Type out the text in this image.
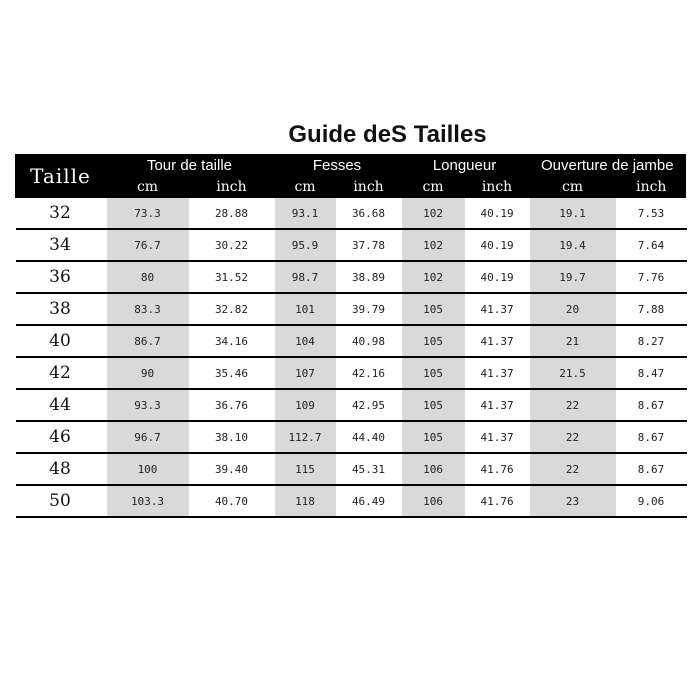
Guide deS Tailles
Taille	Tour de taille		Fesses		Longueur		Ouverture de jambe	
	cm	inch	cm	inch	cm	inch	cm	inch
32	73.3	28.88	93.1	36.68	102	40.19	19.1	7.53
34	76.7	30.22	95.9	37.78	102	40.19	19.4	7.64
36	80	31.52	98.7	38.89	102	40.19	19.7	7.76
38	83.3	32.82	101	39.79	105	41.37	20	7.88
40	86.7	34.16	104	40.98	105	41.37	21	8.27
42	90	35.46	107	42.16	105	41.37	21.5	8.47
44	93.3	36.76	109	42.95	105	41.37	22	8.67
46	96.7	38.10	112.7	44.40	105	41.37	22	8.67
48	100	39.40	115	45.31	106	41.76	22	8.67
50	103.3	40.70	118	46.49	106	41.76	23	9.06
